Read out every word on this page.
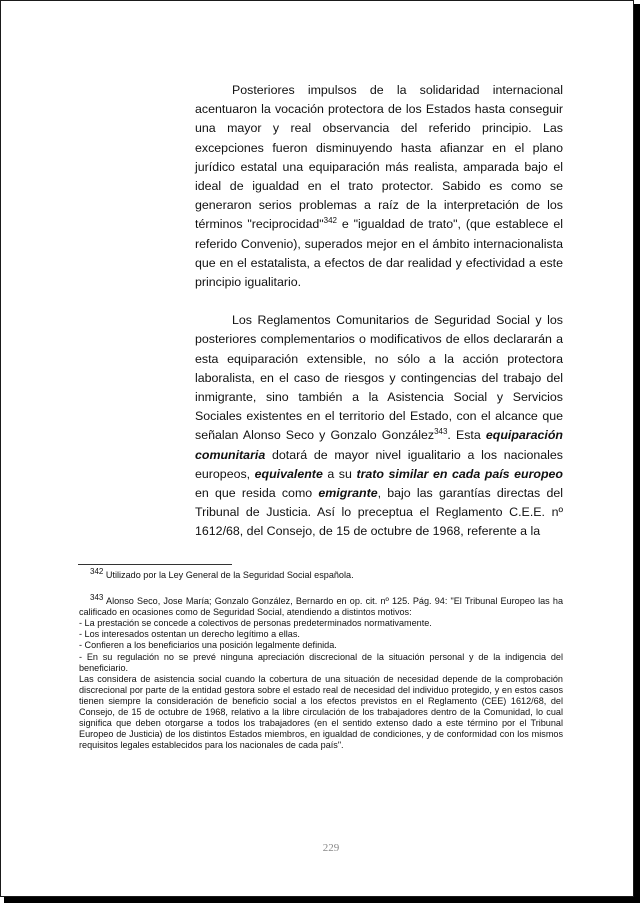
Posteriores impulsos de la solidaridad internacional acentuaron la vocación protectora de los Estados hasta conseguir una mayor y real observancia del referido principio. Las excepciones fueron disminuyendo hasta afianzar en el plano jurídico estatal una equiparación más realista, amparada bajo el ideal de igualdad en el trato protector. Sabido es como se generaron serios problemas a raíz de la interpretación de los términos "reciprocidad"$^{342}$ e "igualdad de trato", (que establece el referido Convenio), superados mejor en el ámbito internacionalista que en el estatalista, a efectos de dar realidad y efectividad a este principio igualitario.

Los Reglamentos Comunitarios de Seguridad Social y los posteriores complementarios o modificativos de ellos declararán a esta equiparación extensible, no sólo a la acción protectora laboralista, en el caso de riesgos y contingencias del trabajo del inmigrante, sino también a la Asistencia Social y Servicios Sociales existentes en el territorio del Estado, con el alcance que señalan Alonso Seco y Gonzalo González$^{343}$. Esta equiparación comunitaria dotará de mayor nivel igualitario a los nacionales europeos, equivalente a su trato similar en cada país europeo en que resida como emigrante, bajo las garantías directas del Tribunal de Justicia. Así lo preceptua el Reglamento C.E.E. nº 1612/68, del Consejo, de 15 de octubre de 1968, referente a la

$^{342}$ Utilizado por la Ley General de la Seguridad Social española.

$^{343}$ Alonso Seco, Jose María; Gonzalo González, Bernardo en op. cit. nº 125. Pág. 94: "El Tribunal Europeo las ha calificado en ocasiones como de Seguridad Social, atendiendo a distintos motivos:
- La prestación se concede a colectivos de personas predeterminados normativamente.
- Los interesados ostentan un derecho legítimo a ellas.
- Confieren a los beneficiarios una posición legalmente definida.
- En su regulación no se prevé ninguna apreciación discrecional de la situación personal y de la indigencia del beneficiario.
Las considera de asistencia social cuando la cobertura de una situación de necesidad depende de la comprobación discrecional por parte de la entidad gestora sobre el estado real de necesidad del individuo protegido, y en estos casos tienen siempre la consideración de beneficio social a los efectos previstos en el Reglamento (CEE) 1612/68, del Consejo, de 15 de octubre de 1968, relativo a la libre circulación de los trabajadores dentro de la Comunidad, lo cual significa que deben otorgarse a todos los trabajadores (en el sentido extenso dado a este término por el Tribunal Europeo de Justicia) de los distintos Estados miembros, en igualdad de condiciones, y de conformidad con los mismos requisitos legales establecidos para los nacionales de cada país".
229
